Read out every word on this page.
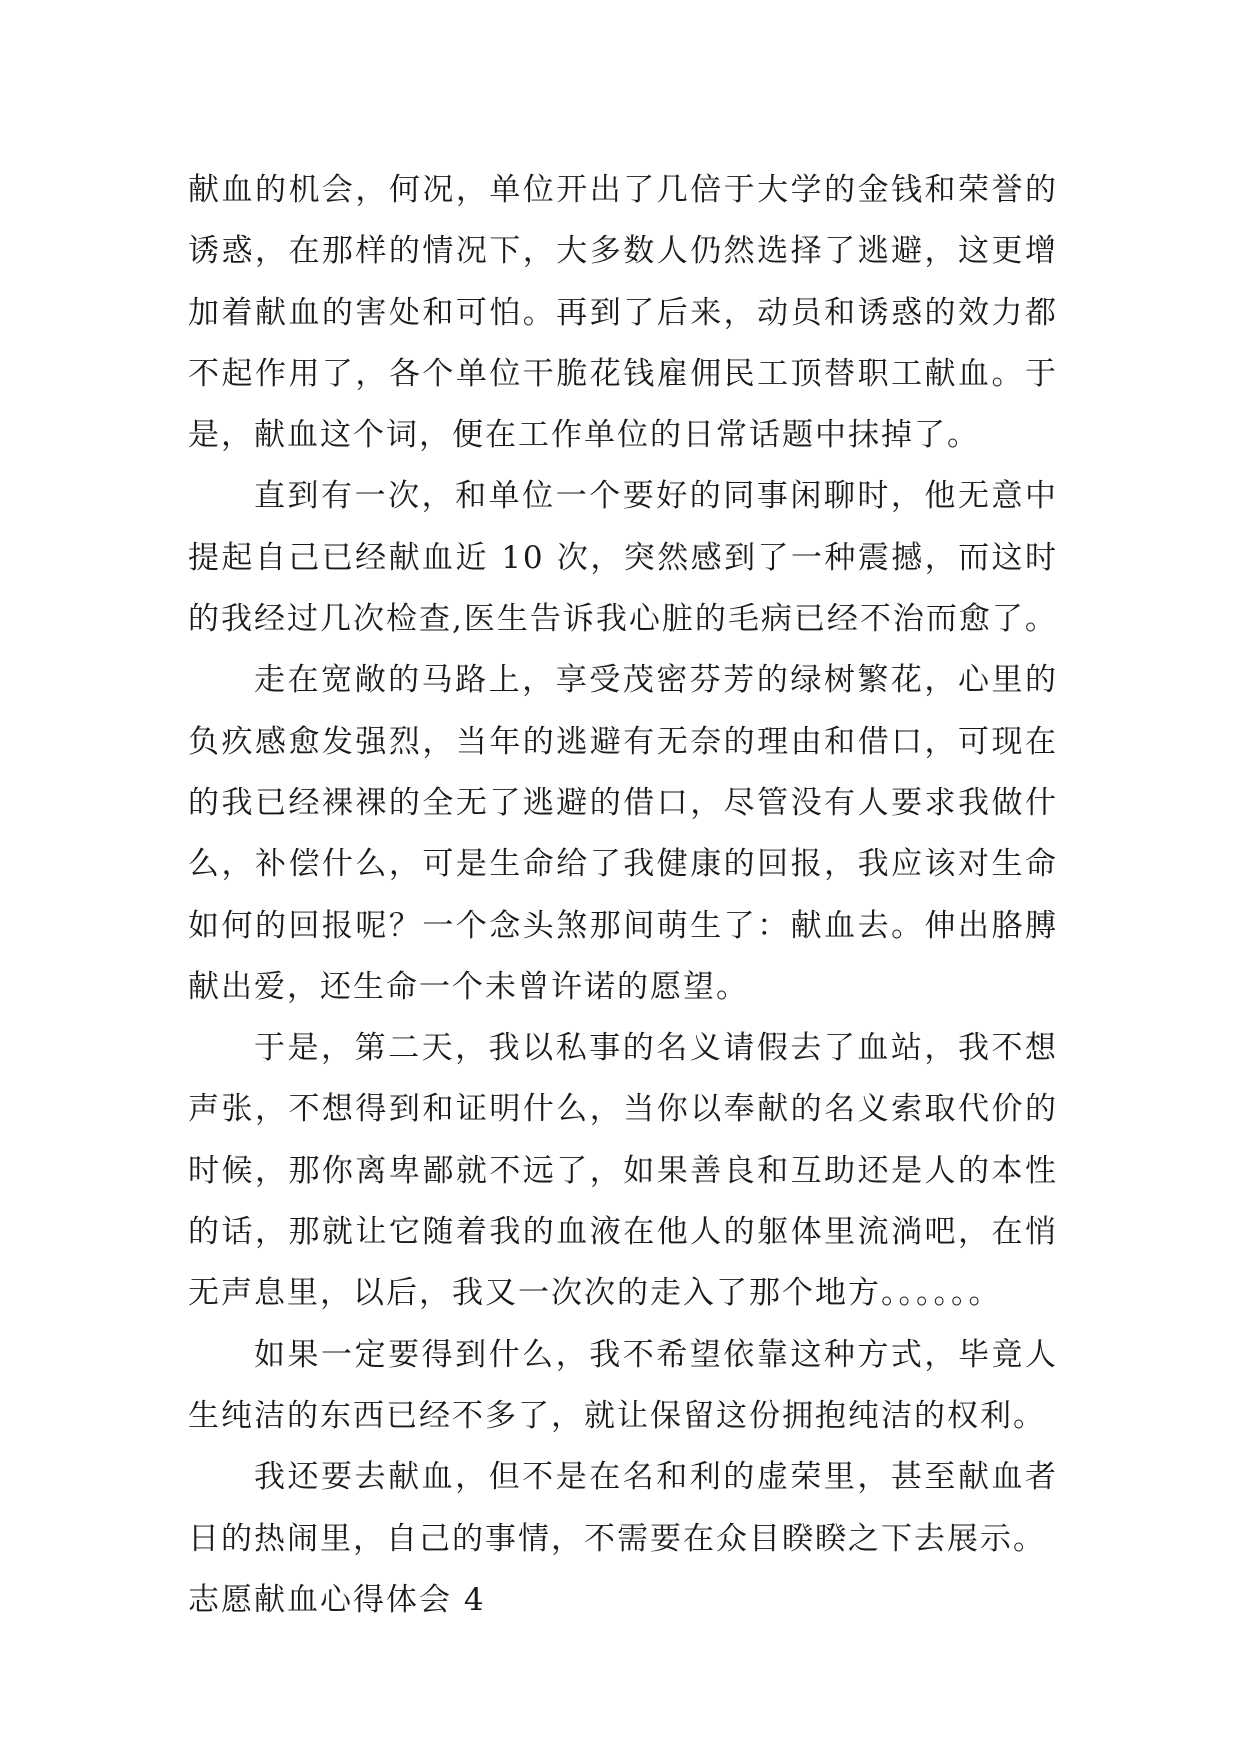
献血的机会，何况，单位开出了几倍于大学的金钱和荣誉的诱惑，在那样的情况下，大多数人仍然选择了逃避，这更增加着献血的害处和可怕。再到了后来，动员和诱惑的效力都不起作用了，各个单位干脆花钱雇佣民工顶替职工献血。于是，献血这个词，便在工作单位的日常话题中抹掉了。

直到有一次，和单位一个要好的同事闲聊时，他无意中提起自己已经献血近 10 次，突然感到了一种震撼，而这时的我经过几次检查,医生告诉我心脏的毛病已经不治而愈了。

走在宽敞的马路上，享受茂密芬芳的绿树繁花，心里的负疚感愈发强烈，当年的逃避有无奈的理由和借口，可现在的我已经裸裸的全无了逃避的借口，尽管没有人要求我做什么，补偿什么，可是生命给了我健康的回报，我应该对生命如何的回报呢？一个念头煞那间萌生了：献血去。伸出胳膊献出爱，还生命一个未曾许诺的愿望。

于是，第二天，我以私事的名义请假去了血站，我不想声张，不想得到和证明什么，当你以奉献的名义索取代价的时候，那你离卑鄙就不远了，如果善良和互助还是人的本性的话，那就让它随着我的血液在他人的躯体里流淌吧，在悄无声息里，以后，我又一次次的走入了那个地方。。。。。。

如果一定要得到什么，我不希望依靠这种方式，毕竟人生纯洁的东西已经不多了，就让保留这份拥抱纯洁的权利。

我还要去献血，但不是在名和利的虚荣里，甚至献血者日的热闹里，自己的事情，不需要在众目睽睽之下去展示。

志愿献血心得体会 4
